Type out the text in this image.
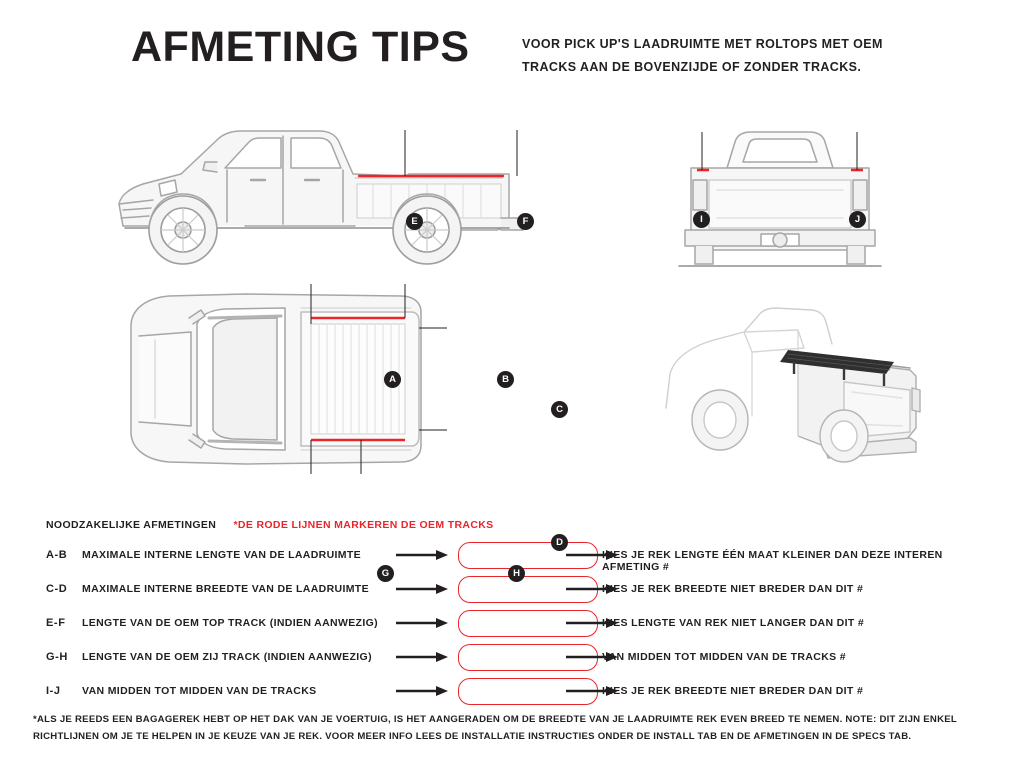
AFMETING TIPS	VOOR PICK UP'S LAADRUIMTE MET ROLTOPS MET OEM TRACKS AAN DE BOVENZIJDE OF ZONDER TRACKS.
E	F	I	J
A	B
C
D
G	H
NOODZAKELIJKE AFMETINGEN *DE RODE LIJNEN MARKEREN DE OEM TRACKS
A-B	MAXIMALE INTERNE LENGTE VAN DE LAADRUIMTE	KIES JE REK LENGTE ÉÉN MAAT KLEINER DAN DEZE INTEREN AFMETING #
C-D	MAXIMALE INTERNE BREEDTE VAN DE LAADRUIMTE	KIES JE REK BREEDTE NIET BREDER DAN DIT #
E-F	LENGTE VAN DE OEM TOP TRACK (INDIEN AANWEZIG)	KIES LENGTE VAN REK NIET LANGER DAN DIT #
G-H	LENGTE VAN DE OEM ZIJ TRACK (INDIEN AANWEZIG)	VAN MIDDEN TOT MIDDEN VAN DE TRACKS #
I-J	VAN MIDDEN TOT MIDDEN VAN DE TRACKS	KIES JE REK BREEDTE NIET BREDER DAN DIT #
*ALS JE REEDS EEN BAGAGEREK HEBT OP HET DAK VAN JE VOERTUIG, IS HET AANGERADEN OM DE BREEDTE VAN JE LAADRUIMTE REK EVEN BREED TE NEMEN. NOTE: DIT ZIJN ENKEL RICHTLIJNEN OM JE TE HELPEN IN JE KEUZE VAN JE REK. VOOR MEER INFO LEES DE INSTALLATIE INSTRUCTIES ONDER DE INSTALL TAB EN DE AFMETINGEN IN DE SPECS TAB.
